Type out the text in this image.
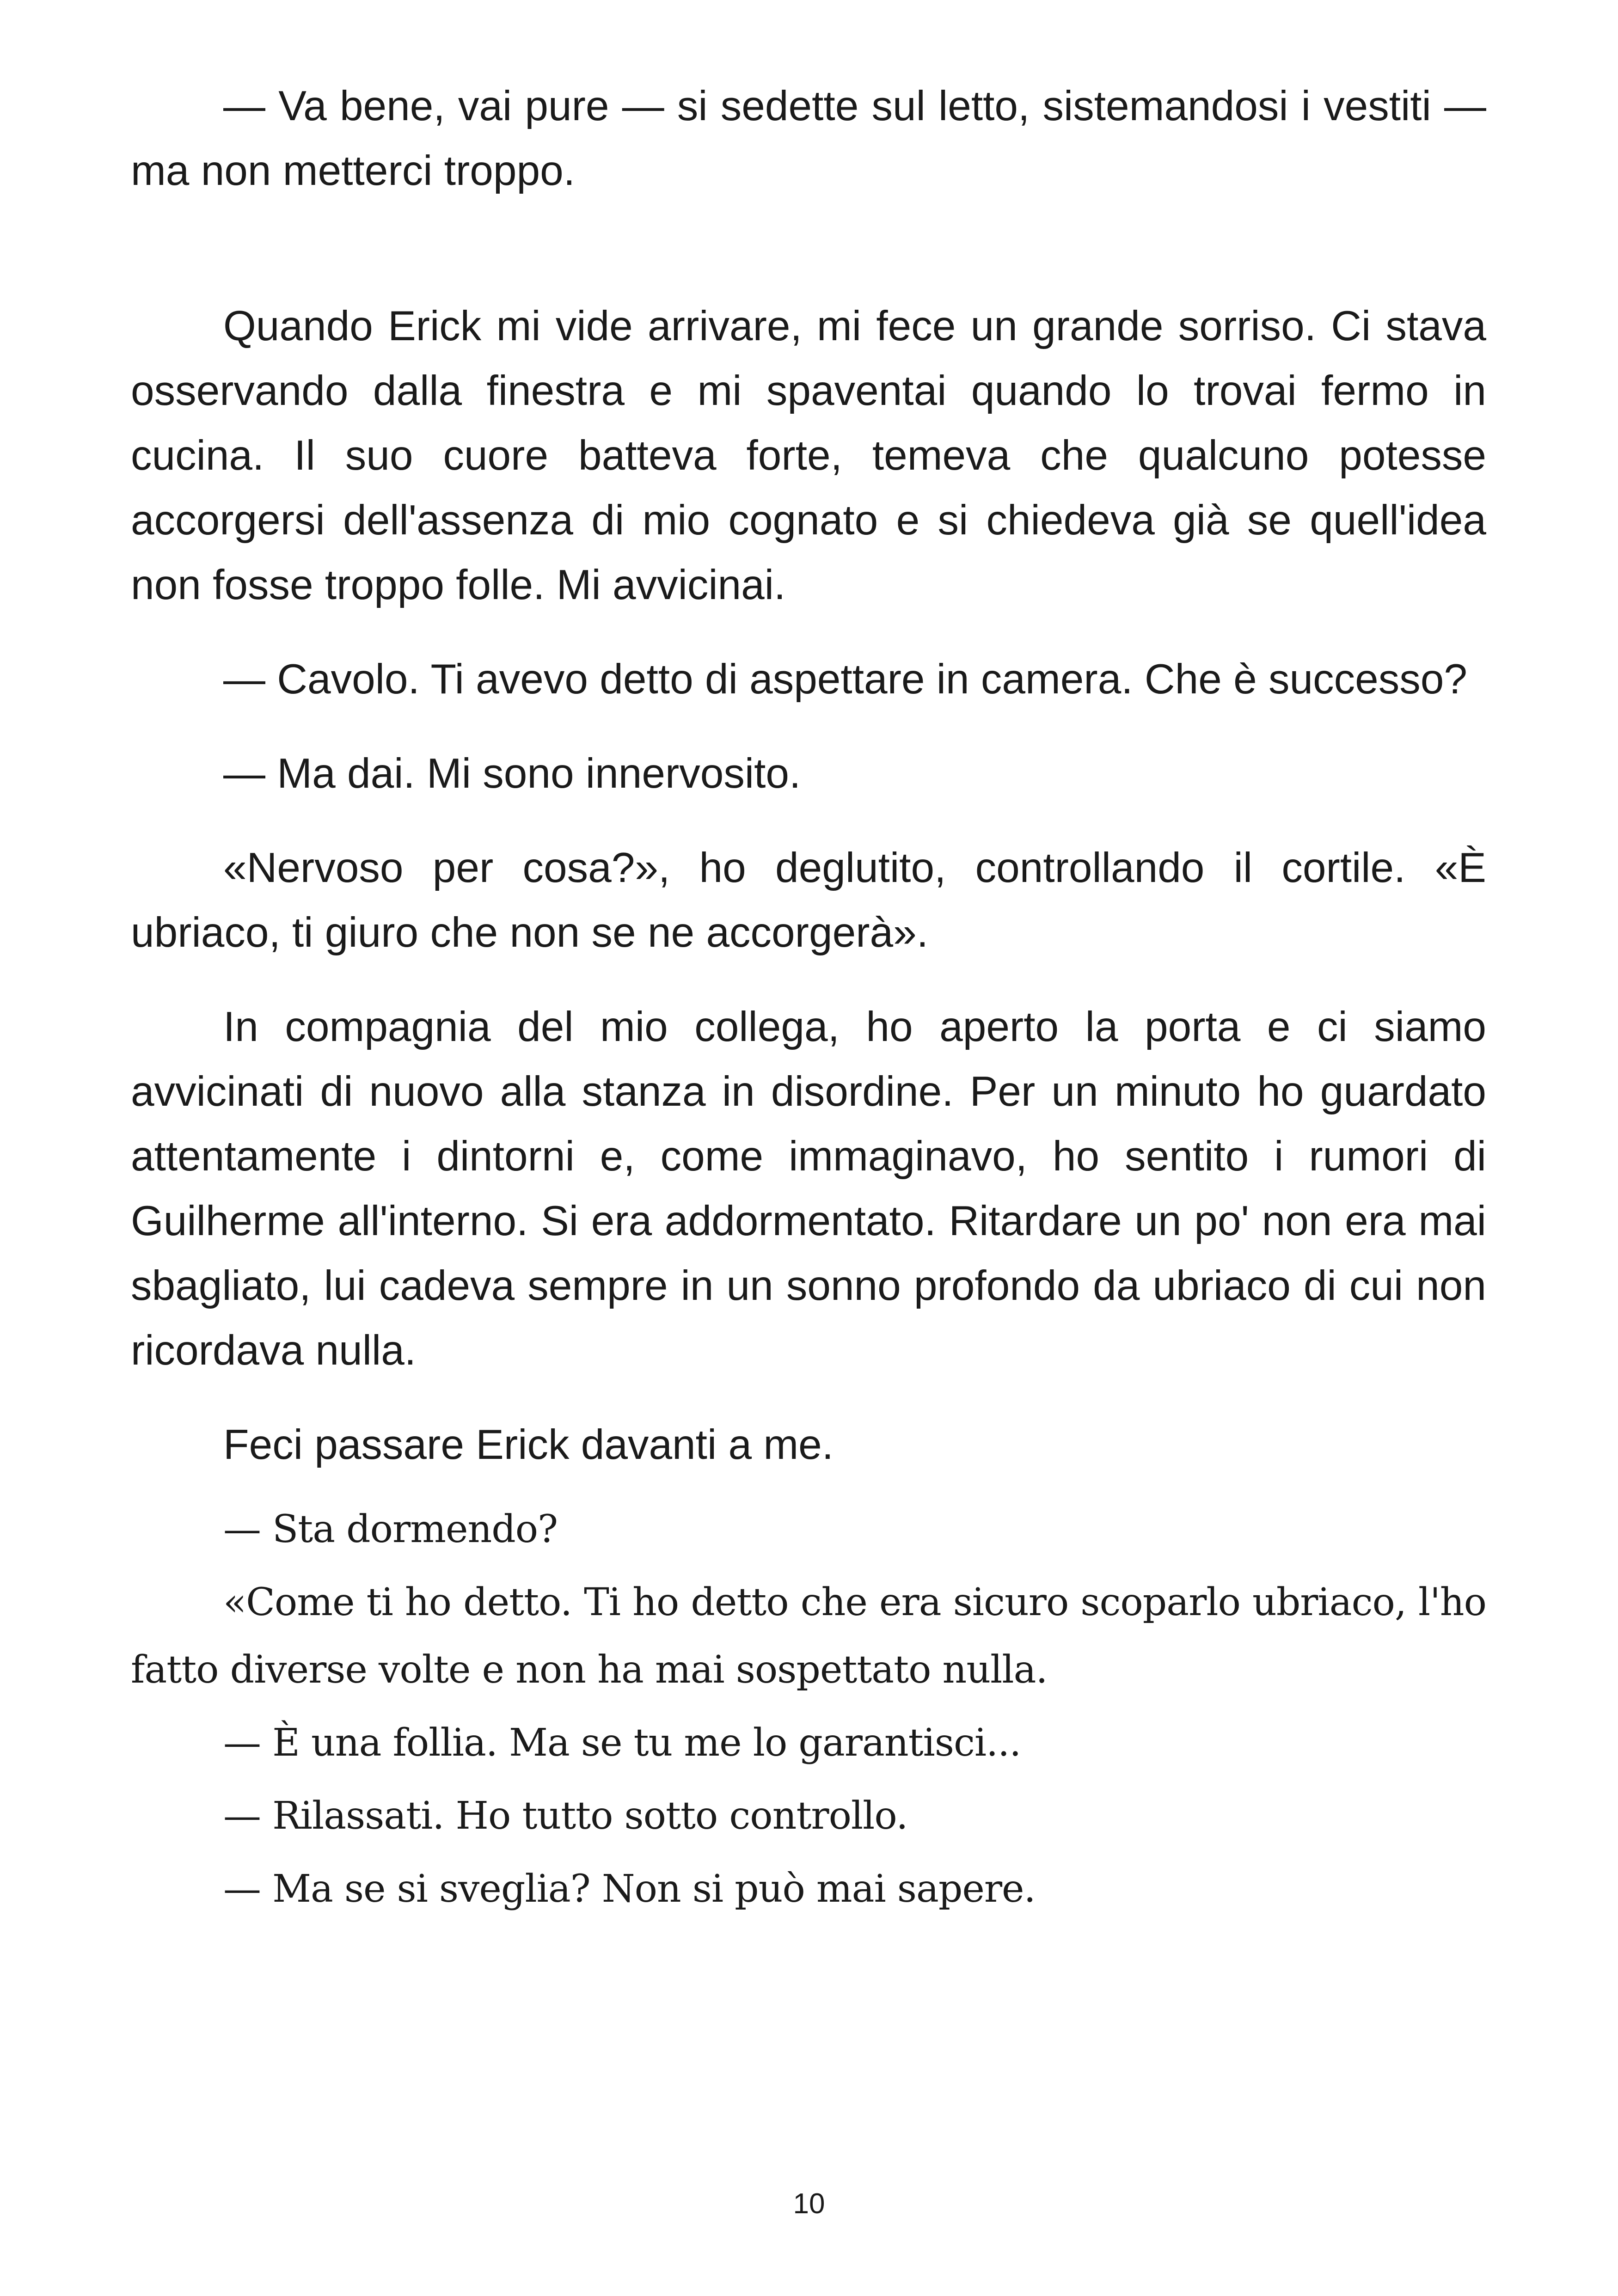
— Va bene, vai pure — si sedette sul letto, sistemandosi i vestiti — ma non metterci troppo.

Quando Erick mi vide arrivare, mi fece un grande sorriso. Ci stava osservando dalla finestra e mi spaventai quando lo trovai fermo in cucina. Il suo cuore batteva forte, temeva che qualcuno potesse accorgersi dell'assenza di mio cognato e si chiedeva già se quell'idea non fosse troppo folle. Mi avvicinai.

— Cavolo. Ti avevo detto di aspettare in camera. Che è successo?

— Ma dai. Mi sono innervosito.

«Nervoso per cosa?», ho deglutito, controllando il cortile. «È ubriaco, ti giuro che non se ne accorgerà».

In compagnia del mio collega, ho aperto la porta e ci siamo avvicinati di nuovo alla stanza in disordine. Per un minuto ho guardato attentamente i dintorni e, come immaginavo, ho sentito i rumori di Guilherme all'interno. Si era addormentato. Ritardare un po' non era mai sbagliato, lui cadeva sempre in un sonno profondo da ubriaco di cui non ricordava nulla.

Feci passare Erick davanti a me.

— Sta dormendo?

«Come ti ho detto. Ti ho detto che era sicuro scoparlo ubriaco, l'ho fatto diverse volte e non ha mai sospettato nulla.

— È una follia. Ma se tu me lo garantisci...

— Rilassati. Ho tutto sotto controllo.

— Ma se si sveglia? Non si può mai sapere.

10
